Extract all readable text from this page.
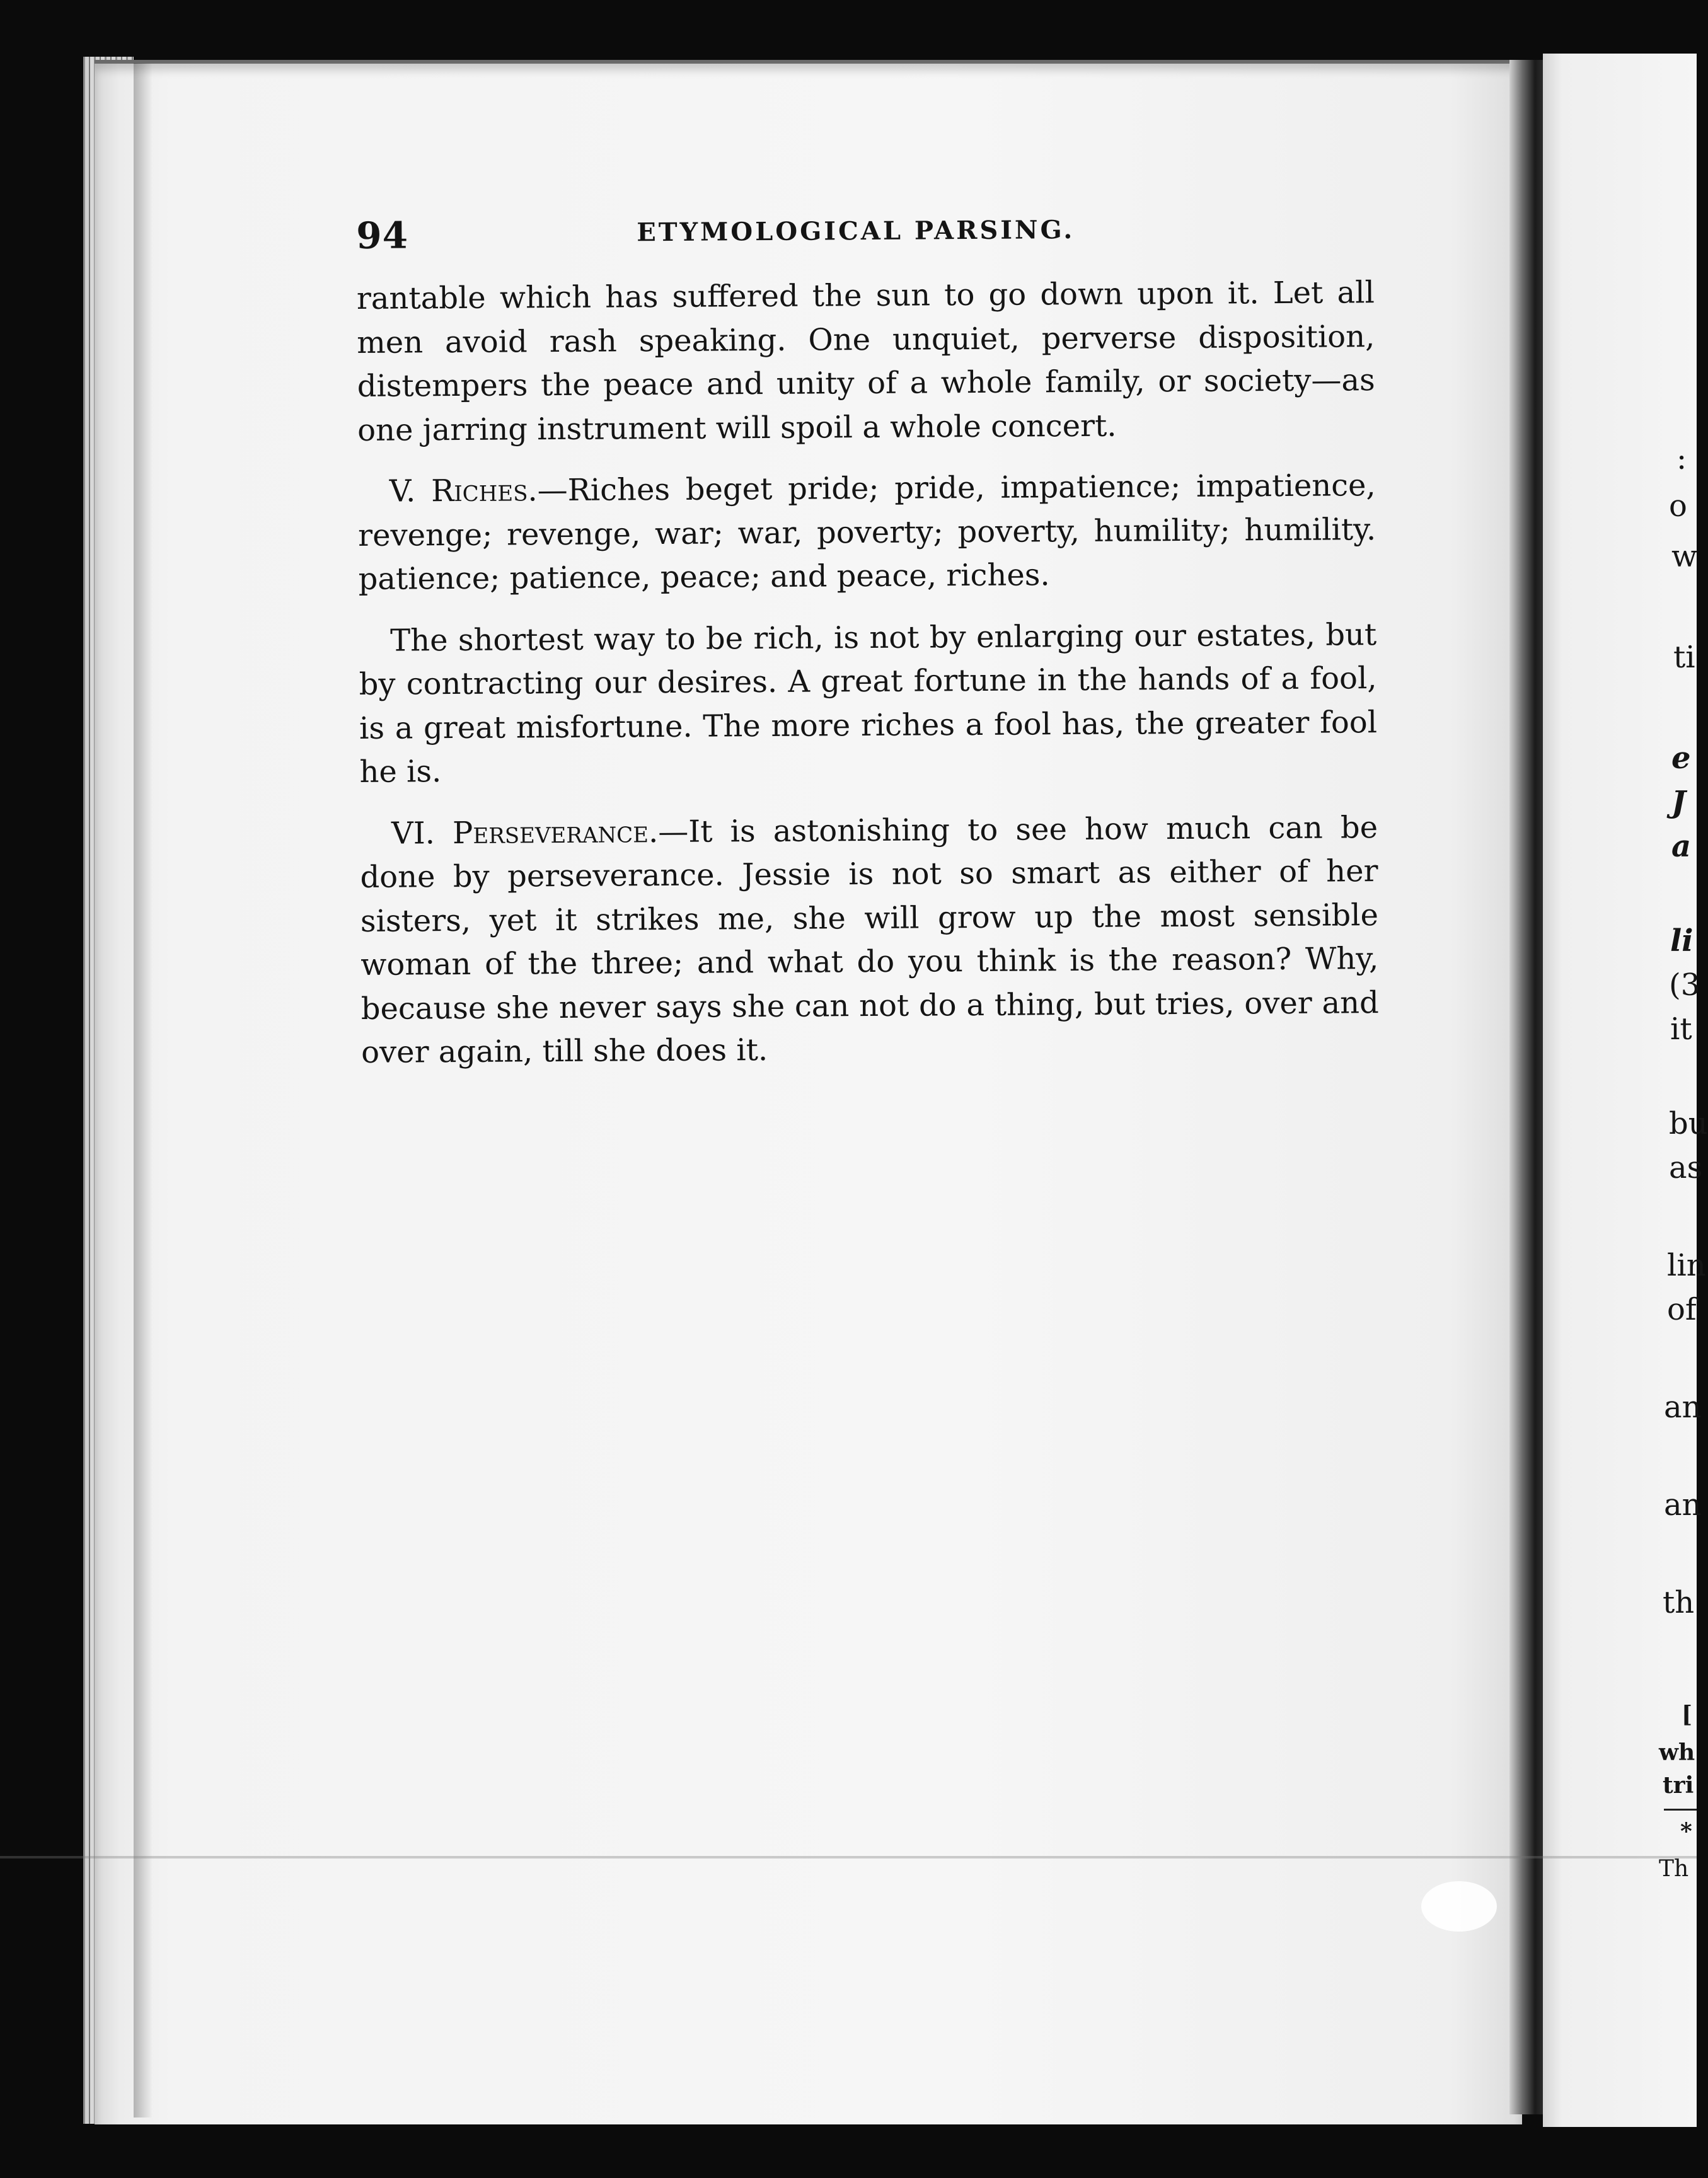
94	ETYMOLOGICAL PARSING.

rantable which has suffered the sun to go down upon it. Let all men avoid rash speaking. One unquiet, perverse disposition, distempers the peace and unity of a whole family, or society—as one jarring instrument will spoil a whole concert.

V. Riches.—Riches beget pride; pride, impatience; impatience, revenge; revenge, war; war, poverty; poverty, humility; humility. patience; patience, peace; and peace, riches.

The shortest way to be rich, is not by enlarging our estates, but by contracting our desires. A great fortune in the hands of a fool, is a great misfortune. The more riches a fool has, the greater fool he is.

VI. Perseverance.—It is astonishing to see how much can be done by perseverance. Jessie is not so smart as either of her sisters, yet it strikes me, she will grow up the most sensible woman of the three; and what do you think is the reason? Why, because she never says she can not do a thing, but tries, over and over again, till she does it.

:
o
w
ti
e
J
a
li
(3
it
bu
as
lin
of
an
an
th
[
wh
tri
*
Th
